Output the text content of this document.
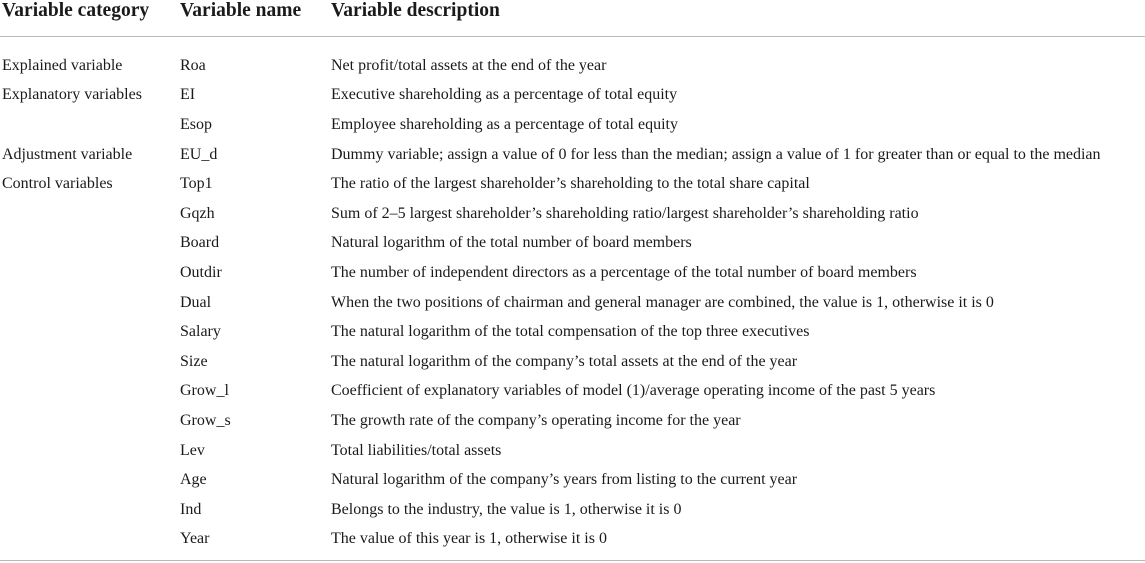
Variable category	Variable name	Variable description
Explained variable	Roa	Net profit/total assets at the end of the year
Explanatory variables	EI	Executive shareholding as a percentage of total equity
	Esop	Employee shareholding as a percentage of total equity
Adjustment variable	EU_d	Dummy variable; assign a value of 0 for less than the median; assign a value of 1 for greater than or equal to the median
Control variables	Top1	The ratio of the largest shareholder’s shareholding to the total share capital
	Gqzh	Sum of 2–5 largest shareholder’s shareholding ratio/largest shareholder’s shareholding ratio
	Board	Natural logarithm of the total number of board members
	Outdir	The number of independent directors as a percentage of the total number of board members
	Dual	When the two positions of chairman and general manager are combined, the value is 1, otherwise it is 0
	Salary	The natural logarithm of the total compensation of the top three executives
	Size	The natural logarithm of the company’s total assets at the end of the year
	Grow_l	Coefficient of explanatory variables of model (1)/average operating income of the past 5 years
	Grow_s	The growth rate of the company’s operating income for the year
	Lev	Total liabilities/total assets
	Age	Natural logarithm of the company’s years from listing to the current year
	Ind	Belongs to the industry, the value is 1, otherwise it is 0
	Year	The value of this year is 1, otherwise it is 0
